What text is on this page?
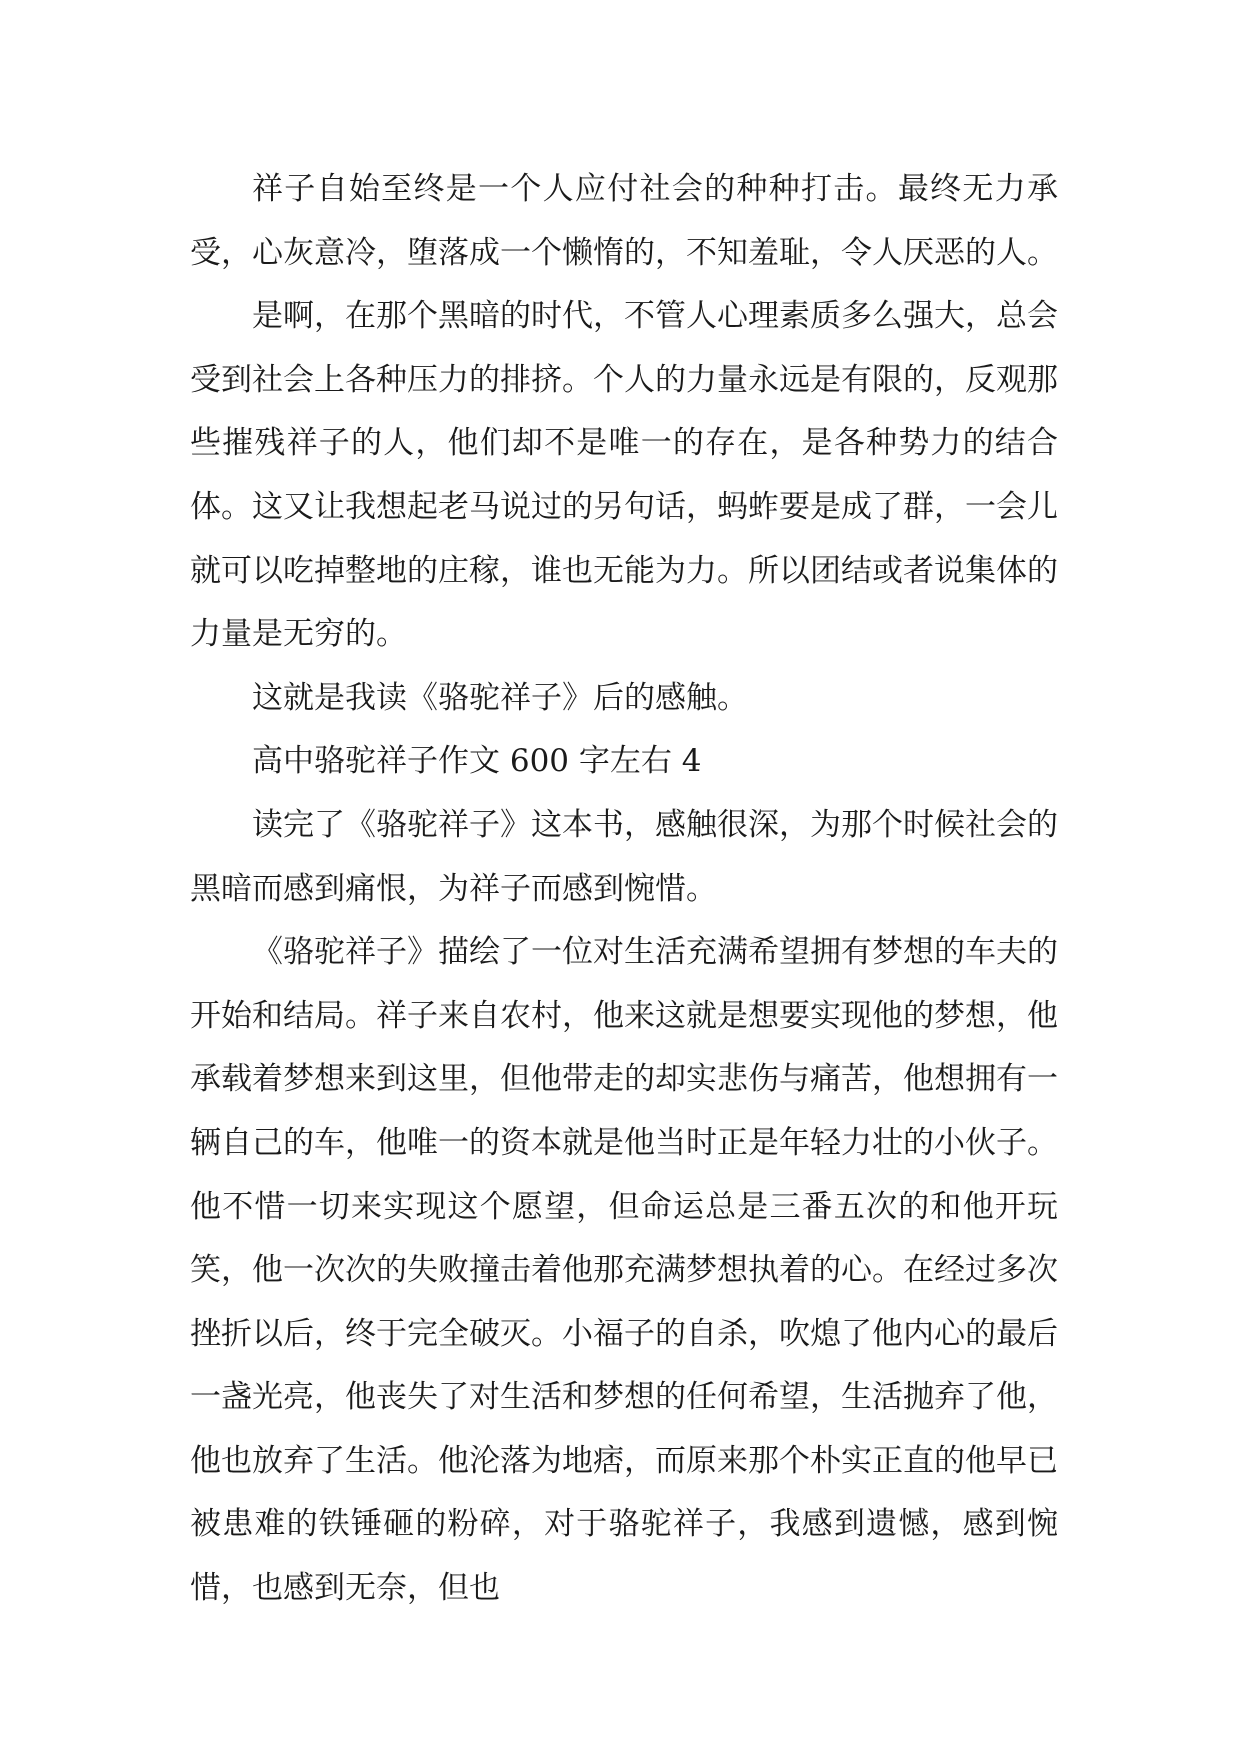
祥子自始至终是一个人应付社会的种种打击。最终无力承受，心灰意冷，堕落成一个懒惰的，不知羞耻，令人厌恶的人。

是啊，在那个黑暗的时代，不管人心理素质多么强大，总会受到社会上各种压力的排挤。个人的力量永远是有限的，反观那些摧残祥子的人，他们却不是唯一的存在，是各种势力的结合体。这又让我想起老马说过的另句话，蚂蚱要是成了群，一会儿就可以吃掉整地的庄稼，谁也无能为力。所以团结或者说集体的力量是无穷的。

这就是我读《骆驼祥子》后的感触。

高中骆驼祥子作文 600 字左右 4

读完了《骆驼祥子》这本书，感触很深，为那个时候社会的黑暗而感到痛恨，为祥子而感到惋惜。

《骆驼祥子》描绘了一位对生活充满希望拥有梦想的车夫的开始和结局。祥子来自农村，他来这就是想要实现他的梦想，他承载着梦想来到这里，但他带走的却实悲伤与痛苦，他想拥有一辆自己的车，他唯一的资本就是他当时正是年轻力壮的小伙子。他不惜一切来实现这个愿望，但命运总是三番五次的和他开玩笑，他一次次的失败撞击着他那充满梦想执着的心。在经过多次挫折以后，终于完全破灭。小福子的自杀，吹熄了他内心的最后一盏光亮，他丧失了对生活和梦想的任何希望，生活抛弃了他，他也放弃了生活。他沦落为地痞，而原来那个朴实正直的他早已被患难的铁锤砸的粉碎，对于骆驼祥子，我感到遗憾，感到惋惜，也感到无奈，但也
